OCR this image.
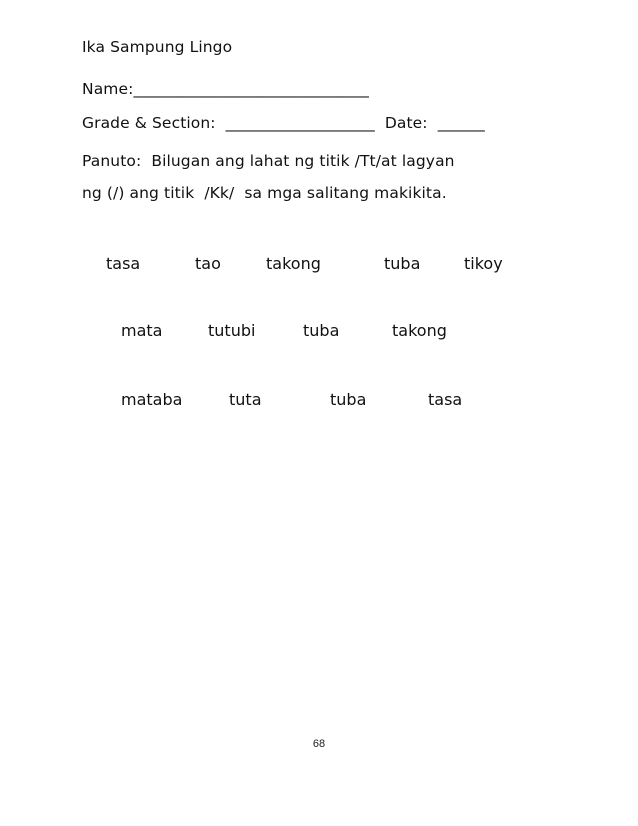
Ika Sampung Lingo
Name:______________________________
Grade & Section:  ___________________  Date:  ______
Panuto:  Bilugan ang lahat ng titik /Tt/at lagyan
ng (/) ang titik  /Kk/  sa mga salitang makikita.
tasa	tao	takong	tuba	tikoy
mata	tutubi	tuba	takong
mataba	tuta	tuba	tasa
68
